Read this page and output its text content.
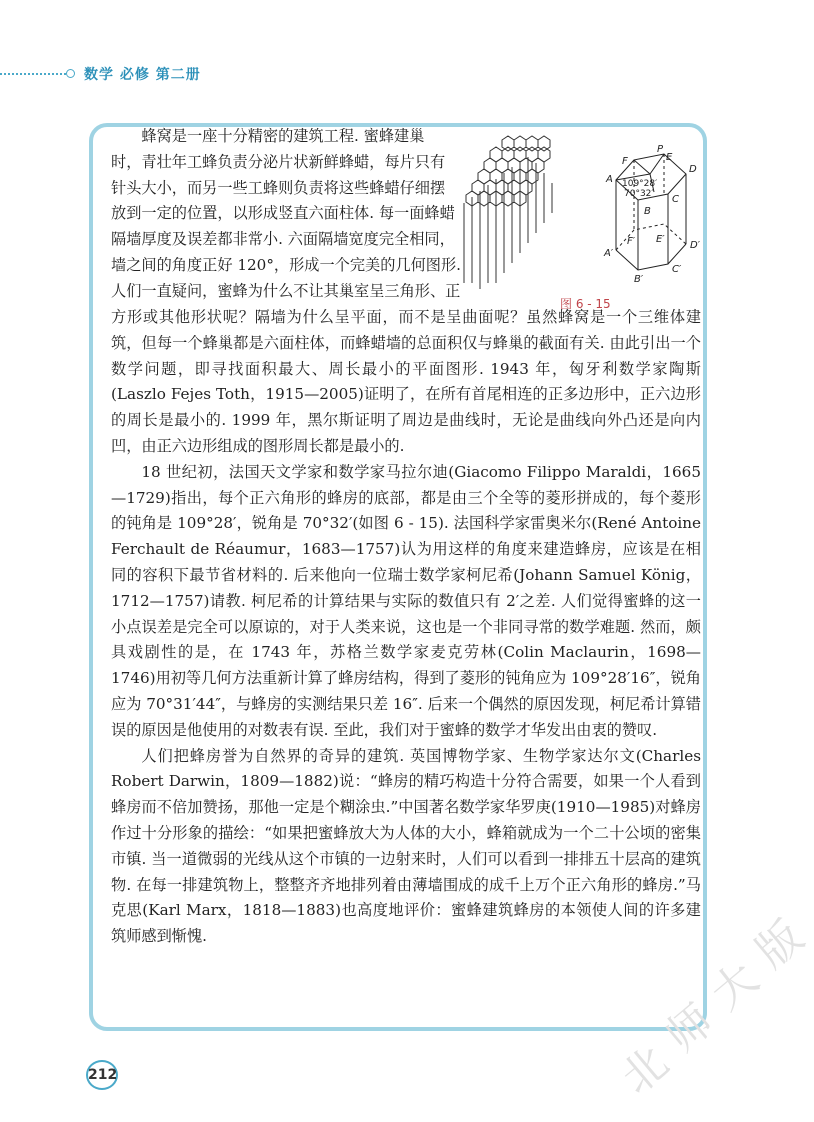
数学 必修 第二册

蜂窝是一座十分精密的建筑工程. 蜜蜂建巢

时，青壮年工蜂负责分泌片状新鲜蜂蜡，每片只有

针头大小，而另一些工蜂则负责将这些蜂蜡仔细摆

放到一定的位置，以形成竖直六面柱体. 每一面蜂蜡

隔墙厚度及误差都非常小. 六面隔墙宽度完全相同，

墙之间的角度正好 120°，形成一个完美的几何图形.

人们一直疑问，蜜蜂为什么不让其巢室呈三角形、正

F
P
E
A
D
C
B
F′ E′
A′
D′
B′
C′
109°28′
70°32′
图 6 - 15

方形或其他形状呢？隔墙为什么呈平面，而不是呈曲面呢？虽然蜂窝是一个三维体建筑，但每一个蜂巢都是六面柱体，而蜂蜡墙的总面积仅与蜂巢的截面有关. 由此引出一个数学问题，即寻找面积最大、周长最小的平面图形. 1943 年，匈牙利数学家陶斯(Laszlo Fejes Toth，1915—2005)证明了，在所有首尾相连的正多边形中，正六边形的周长是最小的. 1999 年，黑尔斯证明了周边是曲线时，无论是曲线向外凸还是向内凹，由正六边形组成的图形周长都是最小的.

18 世纪初，法国天文学家和数学家马拉尔迪(Giacomo Filippo Maraldi，1665—1729)指出，每个正六角形的蜂房的底部，都是由三个全等的菱形拼成的，每个菱形的钝角是 109°28′，锐角是 70°32′(如图 6 - 15). 法国科学家雷奥米尔(René Antoine Ferchault de Réaumur，1683—1757)认为用这样的角度来建造蜂房，应该是在相同的容积下最节省材料的. 后来他向一位瑞士数学家柯尼希(Johann Samuel König，1712—1757)请教. 柯尼希的计算结果与实际的数值只有 2′之差. 人们觉得蜜蜂的这一小点误差是完全可以原谅的，对于人类来说，这也是一个非同寻常的数学难题. 然而，颇具戏剧性的是，在 1743 年，苏格兰数学家麦克劳林(Colin Maclaurin，1698—1746)用初等几何方法重新计算了蜂房结构，得到了菱形的钝角应为 109°28′16″，锐角应为 70°31′44″，与蜂房的实测结果只差 16″. 后来一个偶然的原因发现，柯尼希计算错误的原因是他使用的对数表有误. 至此，我们对于蜜蜂的数学才华发出由衷的赞叹.

人们把蜂房誉为自然界的奇异的建筑. 英国博物学家、生物学家达尔文(Charles Robert Darwin，1809—1882)说：“蜂房的精巧构造十分符合需要，如果一个人看到蜂房而不倍加赞扬，那他一定是个糊涂虫.”中国著名数学家华罗庚(1910—1985)对蜂房作过十分形象的描绘：“如果把蜜蜂放大为人体的大小，蜂箱就成为一个二十公顷的密集市镇. 当一道微弱的光线从这个市镇的一边射来时，人们可以看到一排排五十层高的建筑物. 在每一排建筑物上，整整齐齐地排列着由薄墙围成的成千上万个正六角形的蜂房.”马克思(Karl Marx，1818—1883)也高度地评价：蜜蜂建筑蜂房的本领使人间的许多建筑师感到惭愧.

212	北
师
大
版
